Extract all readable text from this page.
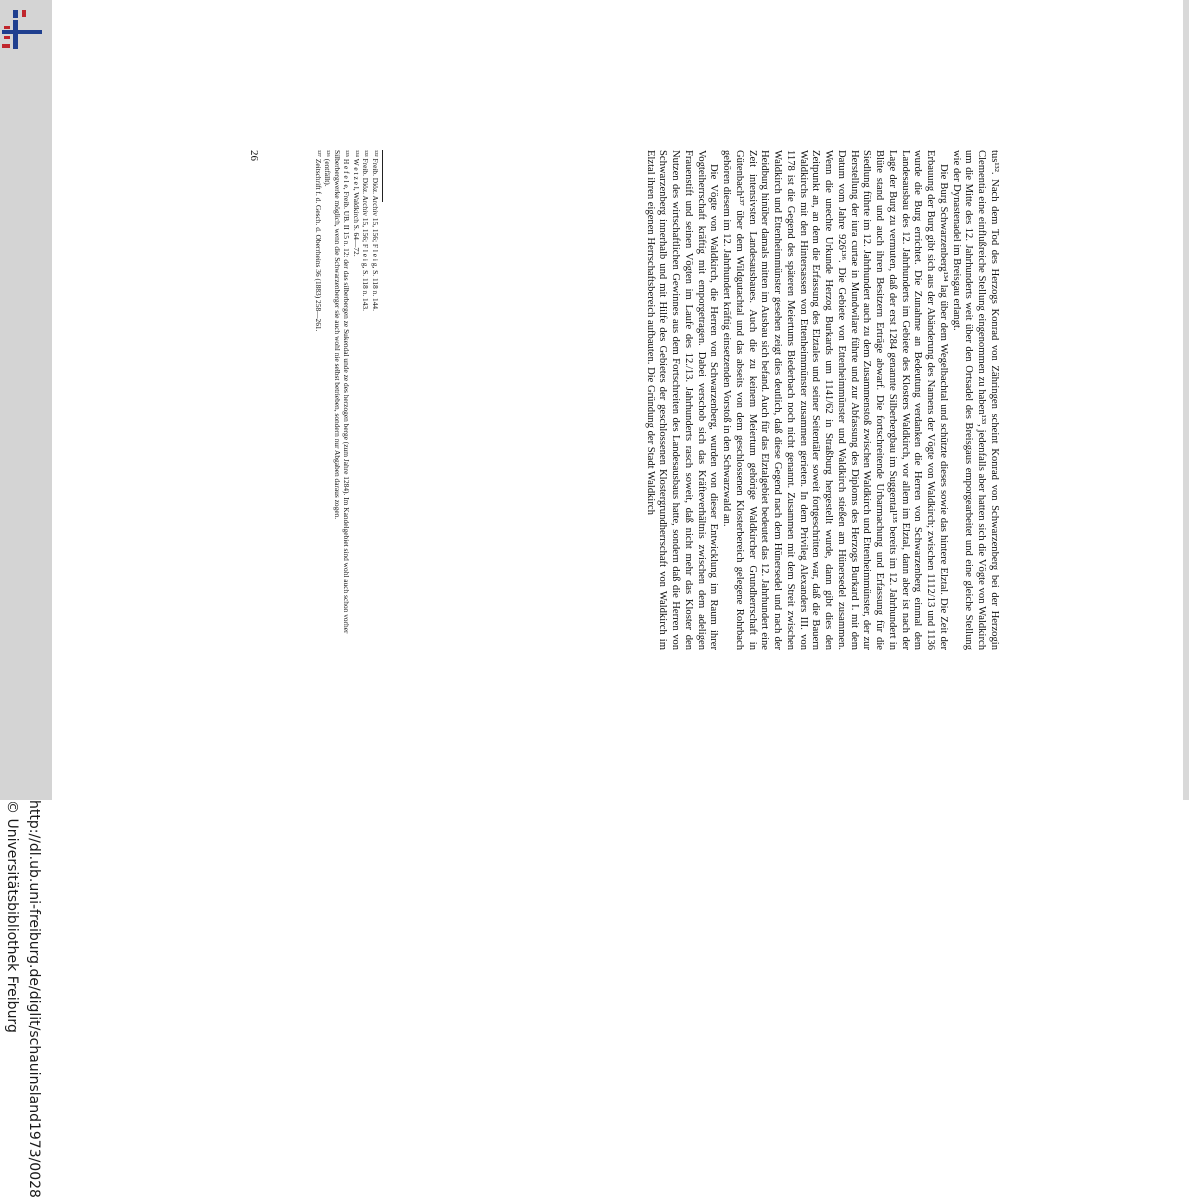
http://dl.ub.uni-freiburg.de/diglit/schauinsland1973/0028
© Universitätsbibliothek Freiburg

tus¹³². Nach dem Tod des Herzogs Konrad von Zähringen scheint Konrad von Schwarzenberg bei der Herzogin Clementia eine einflußreiche Stellung eingenommen zu haben¹³³, jedenfalls aber hatten sich die Vögte von Waldkirch um die Mitte des 12. Jahrhunderts weit über den Ortsadel des Breisgaus emporgearbeitet und eine gleiche Stellung wie der Dynastenadel im Breisgau erlangt.

Die Burg Schwarzenberg¹³⁴ lag über dem Wegelbachtal und schützte dieses sowie das hintere Elztal. Die Zeit der Erbauung der Burg gibt sich aus der Abänderung des Namens der Vögte von Waldkirch; zwischen 1112/13 und 1136 wurde die Burg errichtet. Die Zunahme an Bedeutung verdanken die Herren von Schwarzenberg einmal dem Landesausbau des 12. Jahrhunderts im Gebiete des Klosters Waldkirch, vor allem im Elztal, dann aber ist nach der Lage der Burg zu vermuten, daß der erst 1284 genannte Silberbergbau im Suggental¹³⁵ bereits im 12. Jahrhundert in Blüte stand und auch ihren Besitzern Erträge abwarf. Die fortschreitende Urbarmachung und Erfassung für die Siedlung führte im 12. Jahrhundert auch zu dem Zusammenstoß zwischen Waldkirch und Ettenheimmünster, der zur Herstellung der iura curtae in Mundwilare führte und zur Abfassung des Diploms des Herzogs Burkard I. mit dem Datum vom Jahre 926¹³⁶. Die Gebiete von Ettenheimmünster und Waldkirch stießen am Hünersedel zusammen. Wenn die unechte Urkunde Herzog Burkards um 1141/62 in Straßburg hergestellt wurde, dann gibt dies den Zeitpunkt an, an dem die Erfassung des Elztales und seiner Seitentäler soweit fortgeschritten war, daß die Bauern Waldkirchs mit den Hintersassen von Ettenheimmünster zusammen gerieten. In dem Privileg Alexanders III. von 1178 ist die Gegend des späteren Meiertums Biederbach noch nicht genannt. Zusammen mit dem Streit zwischen Waldkirch und Ettenheimmünster gesehen zeigt dies deutlich, daß diese Gegend nach dem Hünersedel und nach der Heidburg hinüber damals mitten im Ausbau sich befand. Auch für das Elztalgebiet bedeutet das 12. Jahrhundert eine Zeit intensivsten Landesausbaues. Auch die zu keinem Meiertum gehörige Waldkircher Grundherrschaft in Gütenbach¹³⁷ über dem Wildgutachtal und das abseits von dem geschlossenen Klosterbereich gelegene Rohrbach gehören diesem im 12. Jahrhundert kräftig einsetzenden Vorstoß in den Schwarzwald an.

Die Vögte von Waldkirch, die Herren von Schwarzenberg, wurden von dieser Entwicklung im Raum ihrer Vogteiherrschaft kräftig mit emporgetragen. Dabei verschob sich das Kräfteverhältnis zwischen dem adeligen Frauenstift und seinen Vögten im Laufe des 12./13. Jahrhunderts rasch soweit, daß nicht mehr das Kloster den Nutzen des wirtschaftlichen Gewinnes aus dem Fortschreiten des Landesausbaus hatte, sondern daß die Herren von Schwarzenberg innerhalb und mit Hilfe des Gebietes der geschlossenen Klostergrundherrschaft von Waldkirch im Elztal ihren eigenen Herrschaftsbereich aufbauten. Die Gründung der Stadt Waldkirch

¹³² Freib. Diöz. Archiv 15, 156; F l e i g, S. 118 n. 144.
¹³³ Freib. Diöz. Archiv 15, 156; F l e i g, S. 118 n. 143.
¹³⁴ W e t z e l, Waldkirch S. 64—72.
¹³⁵ H e f e l e, Freib. UB. II 15 n. 12: der das silberbergen ze Sukendal unde ze des herzogen berge (zum Jahre 1284). Im Kandelgebiet sind wohl auch schon vorher Silberbergwerke möglich, wenn die Schwarzenberger sie auch wohl nie selbst betrieben, sondern nur Abgaben daraus zogen.
¹³⁶ (entfällt).
¹³⁷ Zeitschrift f. d. Gesch. d. Oberrheins 36 (1883) 258—261.
26
